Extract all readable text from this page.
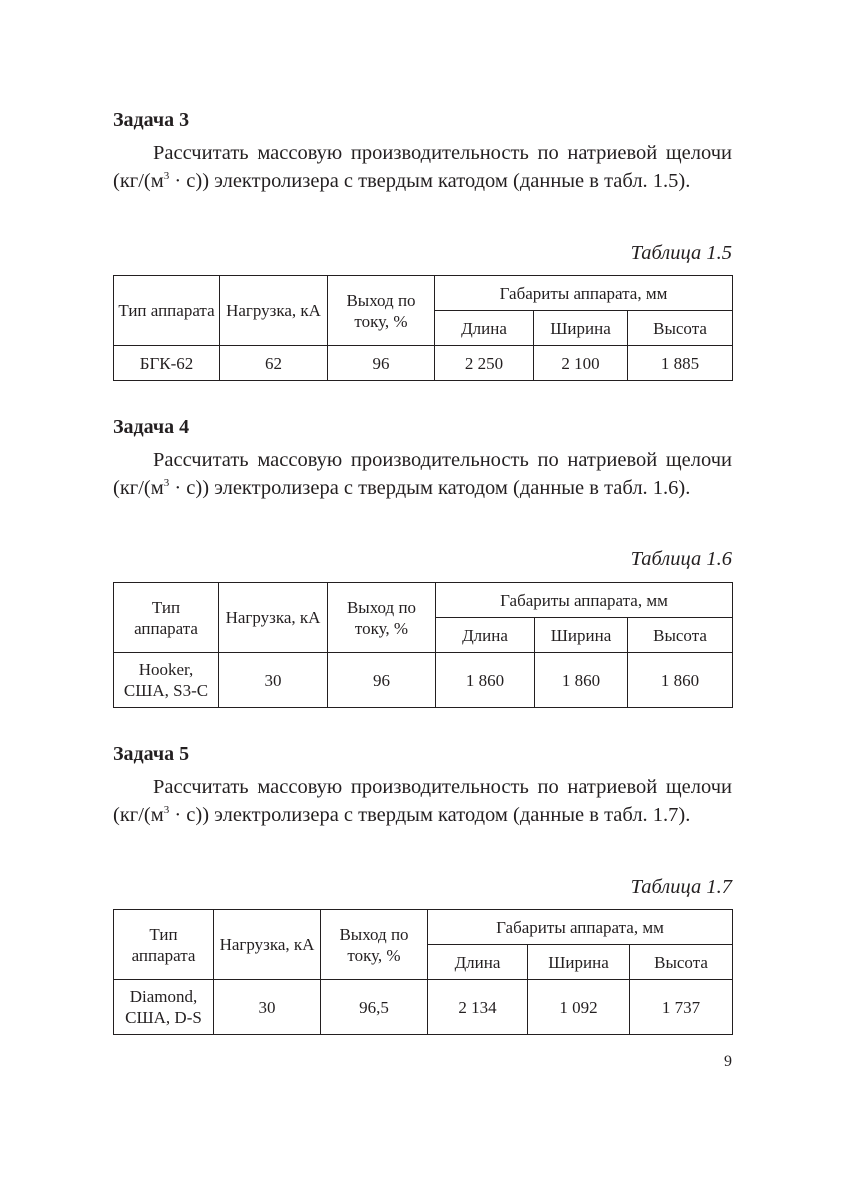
Задача 3

Рассчитать массовую производительность по натриевой щелочи $(кг/(м^3 \cdot с))$ электролизера с твердым катодом (данные в табл. 1.5).

Таблица 1.5
Тип аппарата	Нагрузка, кА	Выход по току, %	Габариты аппарата, мм		
			Длина	Ширина	Высота
БГК-62	62	96	2 250	2 100	1 885
Задача 4

Рассчитать массовую производительность по натриевой щелочи $(кг/(м^3 \cdot с))$ электролизера с твердым катодом (данные в табл. 1.6).

Таблица 1.6
Тип аппарата	Нагрузка, кА	Выход по току, %	Габариты аппарата, мм		
			Длина	Ширина	Высота
Hooker, США, S3-C	30	96	1 860	1 860	1 860
Задача 5

Рассчитать массовую производительность по натриевой щелочи $(кг/(м^3 \cdot с))$ электролизера с твердым катодом (данные в табл. 1.7).

Таблица 1.7
Тип аппарата	Нагрузка, кА	Выход по току, %	Габариты аппарата, мм		
			Длина	Ширина	Высота
Diamond, США, D-S	30	96,5	2 134	1 092	1 737
9
